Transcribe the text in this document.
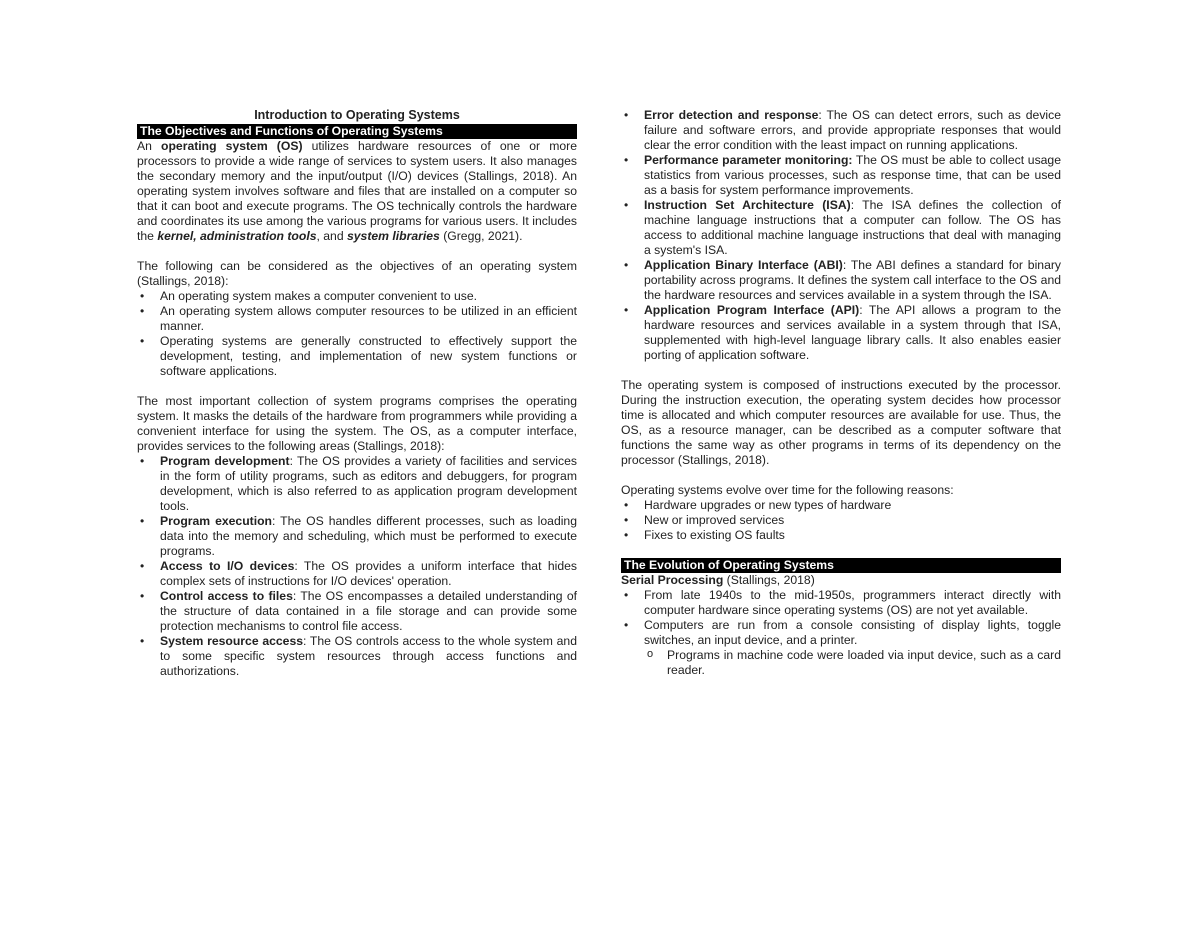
Introduction to Operating Systems
The Objectives and Functions of Operating Systems

An operating system (OS) utilizes hardware resources of one or more processors to provide a wide range of services to system users. It also manages the secondary memory and the input/output (I/O) devices (Stallings, 2018). An operating system involves software and files that are installed on a computer so that it can boot and execute programs. The OS technically controls the hardware and coordinates its use among the various programs for various users. It includes the kernel, administration tools, and system libraries (Gregg, 2021).

The following can be considered as the objectives of an operating system (Stallings, 2018):

• An operating system makes a computer convenient to use.
• An operating system allows computer resources to be utilized in an efficient manner.
• Operating systems are generally constructed to effectively support the development, testing, and implementation of new system functions or software applications.

The most important collection of system programs comprises the operating system. It masks the details of the hardware from programmers while providing a convenient interface for using the system. The OS, as a computer interface, provides services to the following areas (Stallings, 2018):

• Program development: The OS provides a variety of facilities and services in the form of utility programs, such as editors and debuggers, for program development, which is also referred to as application program development tools.
• Program execution: The OS handles different processes, such as loading data into the memory and scheduling, which must be performed to execute programs.
• Access to I/O devices: The OS provides a uniform interface that hides complex sets of instructions for I/O devices' operation.
• Control access to files: The OS encompasses a detailed understanding of the structure of data contained in a file storage and can provide some protection mechanisms to control file access.
• System resource access: The OS controls access to the whole system and to some specific system resources through access functions and authorizations.
• Error detection and response: The OS can detect errors, such as device failure and software errors, and provide appropriate responses that would clear the error condition with the least impact on running applications.
• Performance parameter monitoring: The OS must be able to collect usage statistics from various processes, such as response time, that can be used as a basis for system performance improvements.
• Instruction Set Architecture (ISA): The ISA defines the collection of machine language instructions that a computer can follow. The OS has access to additional machine language instructions that deal with managing a system's ISA.
• Application Binary Interface (ABI): The ABI defines a standard for binary portability across programs. It defines the system call interface to the OS and the hardware resources and services available in a system through the ISA.
• Application Program Interface (API): The API allows a program to the hardware resources and services available in a system through that ISA, supplemented with high-level language library calls. It also enables easier porting of application software.

The operating system is composed of instructions executed by the processor. During the instruction execution, the operating system decides how processor time is allocated and which computer resources are available for use. Thus, the OS, as a resource manager, can be described as a computer software that functions the same way as other programs in terms of its dependency on the processor (Stallings, 2018).

Operating systems evolve over time for the following reasons:

• Hardware upgrades or new types of hardware
• New or improved services
• Fixes to existing OS faults
The Evolution of Operating Systems

Serial Processing (Stallings, 2018)

• From late 1940s to the mid-1950s, programmers interact directly with computer hardware since operating systems (OS) are not yet available.
• Computers are run from a console consisting of display lights, toggle switches, an input device, and a printer.
o Programs in machine code were loaded via input device, such as a card reader.
